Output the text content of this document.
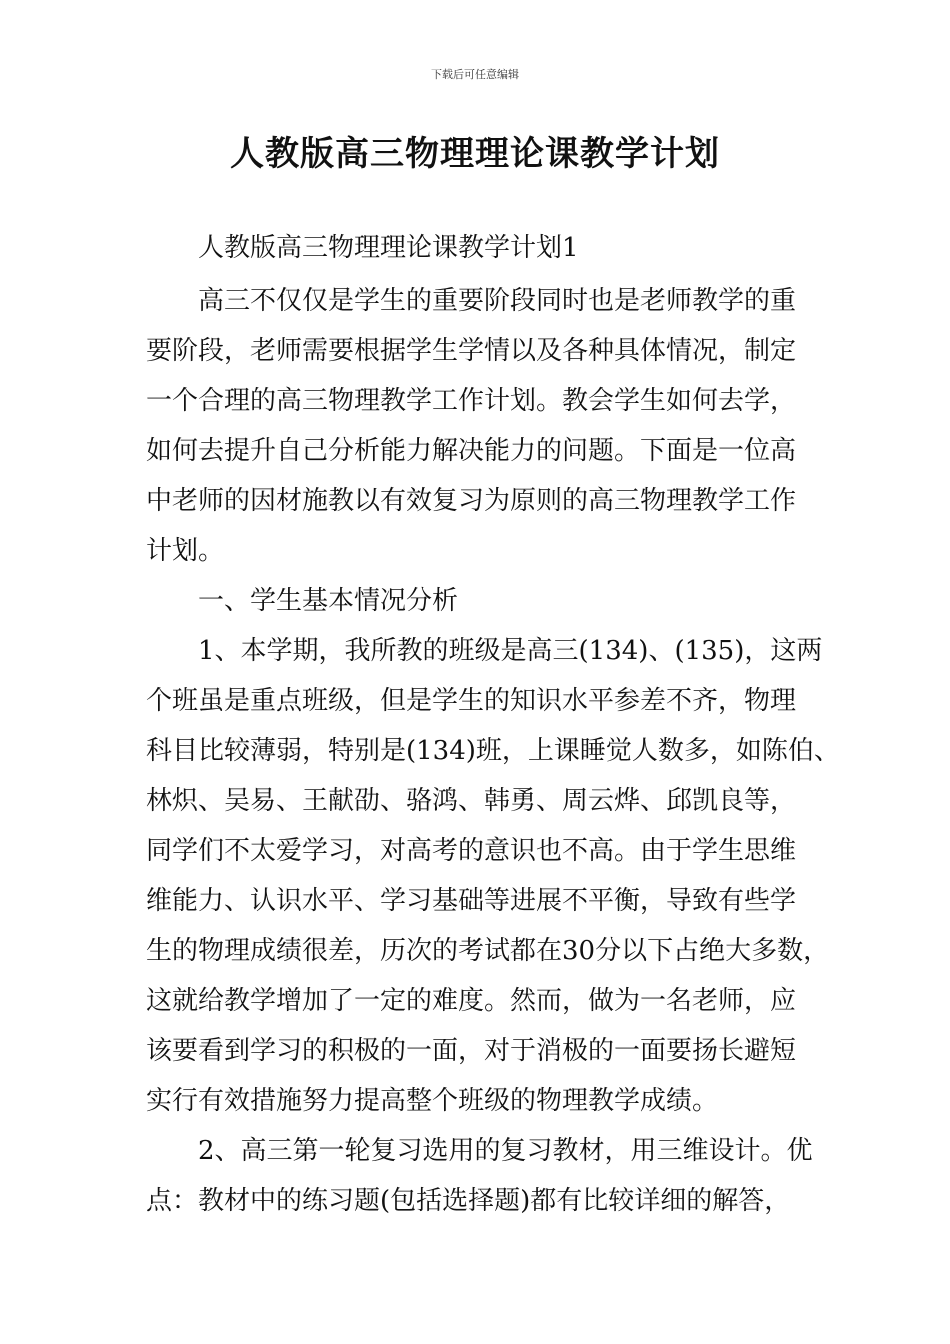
下载后可任意编辑
人教版高三物理理论课教学计划

人教版高三物理理论课教学计划1

高三不仅仅是学生的重要阶段同时也是老师教学的重

要阶段，老师需要根据学生学情以及各种具体情况，制定

一个合理的高三物理教学工作计划。教会学生如何去学，

如何去提升自己分析能力解决能力的问题。下面是一位高

中老师的因材施教以有效复习为原则的高三物理教学工作

计划。

一、学生基本情况分析

1、本学期，我所教的班级是高三(134)、(135)，这两

个班虽是重点班级，但是学生的知识水平参差不齐，物理

科目比较薄弱，特别是(134)班，上课睡觉人数多，如陈伯、

林炽、吴易、王献劭、骆鸿、韩勇、周云烨、邱凯良等，

同学们不太爱学习，对高考的意识也不高。由于学生思维

维能力、认识水平、学习基础等进展不平衡，导致有些学

生的物理成绩很差，历次的考试都在30分以下占绝大多数，

这就给教学增加了一定的难度。然而，做为一名老师，应

该要看到学习的积极的一面，对于消极的一面要扬长避短

实行有效措施努力提高整个班级的物理教学成绩。

2、高三第一轮复习选用的复习教材，用三维设计。优

点：教材中的练习题(包括选择题)都有比较详细的解答，
